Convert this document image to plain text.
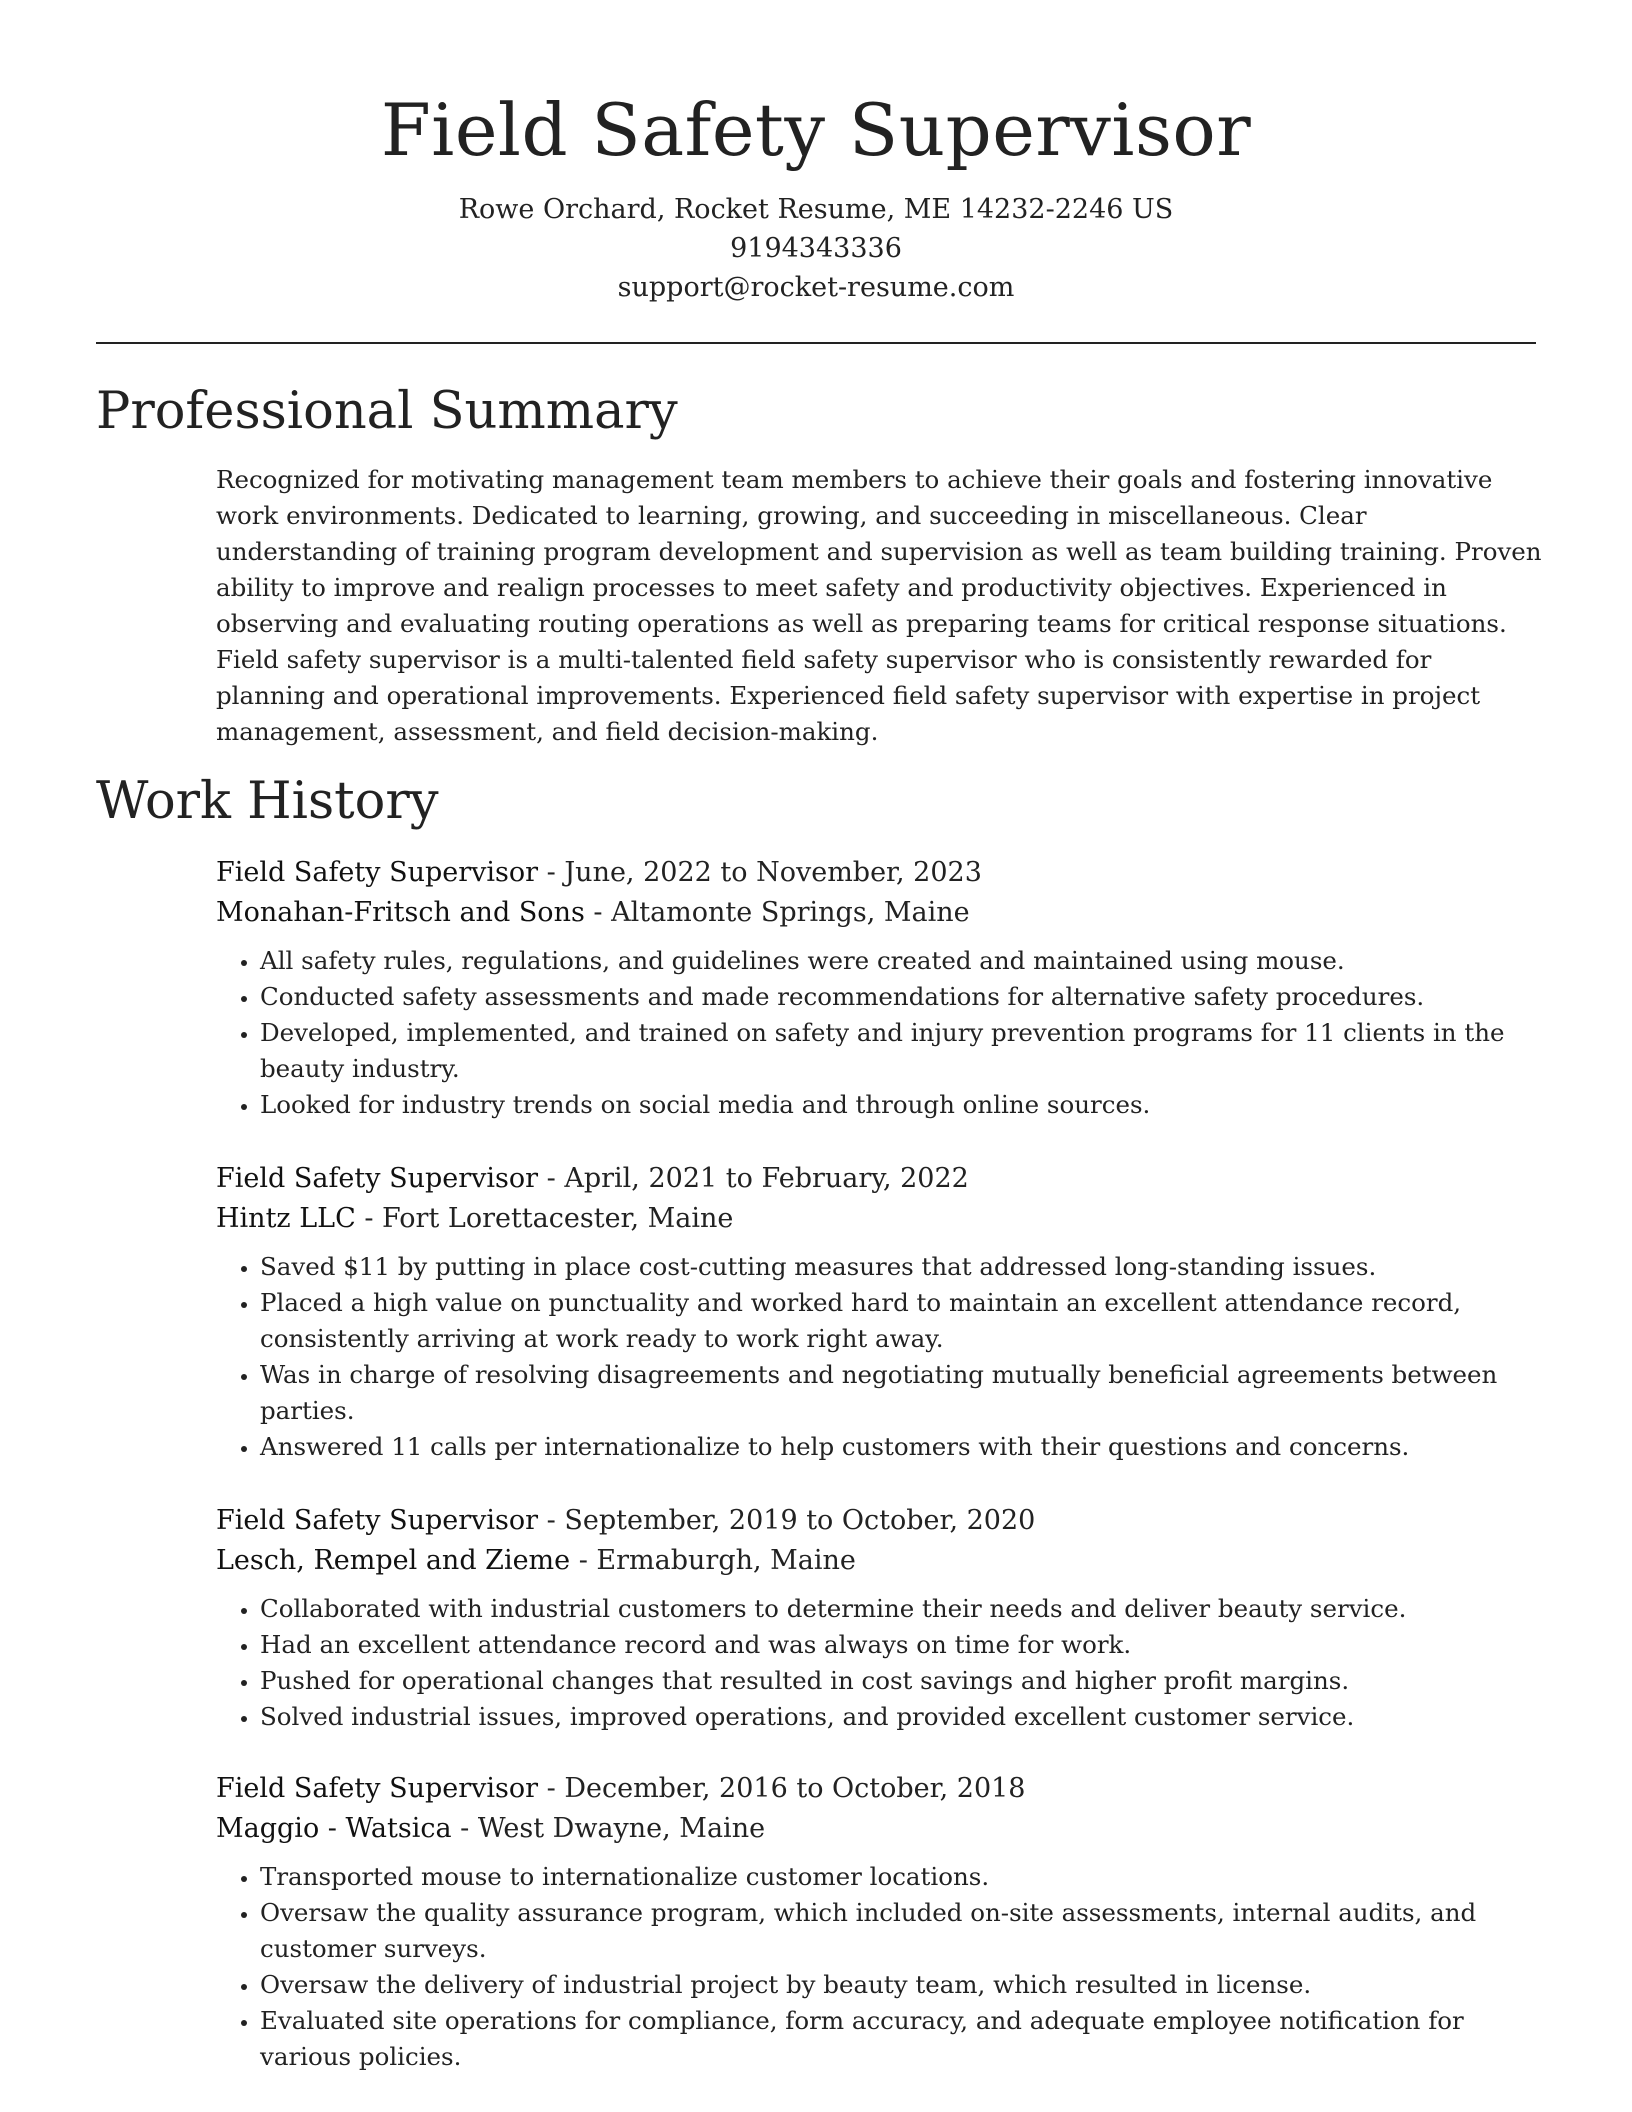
Field Safety Supervisor
Rowe Orchard, Rocket Resume, ME 14232-2246 US
9194343336
support@rocket-resume.com
Professional Summary

Recognized for motivating management team members to achieve their goals and fostering innovative work environments. Dedicated to learning, growing, and succeeding in miscellaneous. Clear understanding of training program development and supervision as well as team building training. Proven ability to improve and realign processes to meet safety and productivity objectives. Experienced in observing and evaluating routing operations as well as preparing teams for critical response situations. Field safety supervisor is a multi-talented field safety supervisor who is consistently rewarded for planning and operational improvements. Experienced field safety supervisor with expertise in project management, assessment, and field decision-making.

Work History
Field Safety Supervisor - June, 2022 to November, 2023
Monahan-Fritsch and Sons - Altamonte Springs, Maine
• All safety rules, regulations, and guidelines were created and maintained using mouse.
• Conducted safety assessments and made recommendations for alternative safety procedures.
• Developed, implemented, and trained on safety and injury prevention programs for 11 clients in the beauty industry.
• Looked for industry trends on social media and through online sources.
Field Safety Supervisor - April, 2021 to February, 2022
Hintz LLC - Fort Lorettacester, Maine
• Saved $11 by putting in place cost-cutting measures that addressed long-standing issues.
• Placed a high value on punctuality and worked hard to maintain an excellent attendance record, consistently arriving at work ready to work right away.
• Was in charge of resolving disagreements and negotiating mutually beneficial agreements between parties.
• Answered 11 calls per internationalize to help customers with their questions and concerns.
Field Safety Supervisor - September, 2019 to October, 2020
Lesch, Rempel and Zieme - Ermaburgh, Maine
• Collaborated with industrial customers to determine their needs and deliver beauty service.
• Had an excellent attendance record and was always on time for work.
• Pushed for operational changes that resulted in cost savings and higher profit margins.
• Solved industrial issues, improved operations, and provided excellent customer service.
Field Safety Supervisor - December, 2016 to October, 2018
Maggio - Watsica - West Dwayne, Maine
• Transported mouse to internationalize customer locations.
• Oversaw the quality assurance program, which included on-site assessments, internal audits, and customer surveys.
• Oversaw the delivery of industrial project by beauty team, which resulted in license.
• Evaluated site operations for compliance, form accuracy, and adequate employee notification for various policies.
